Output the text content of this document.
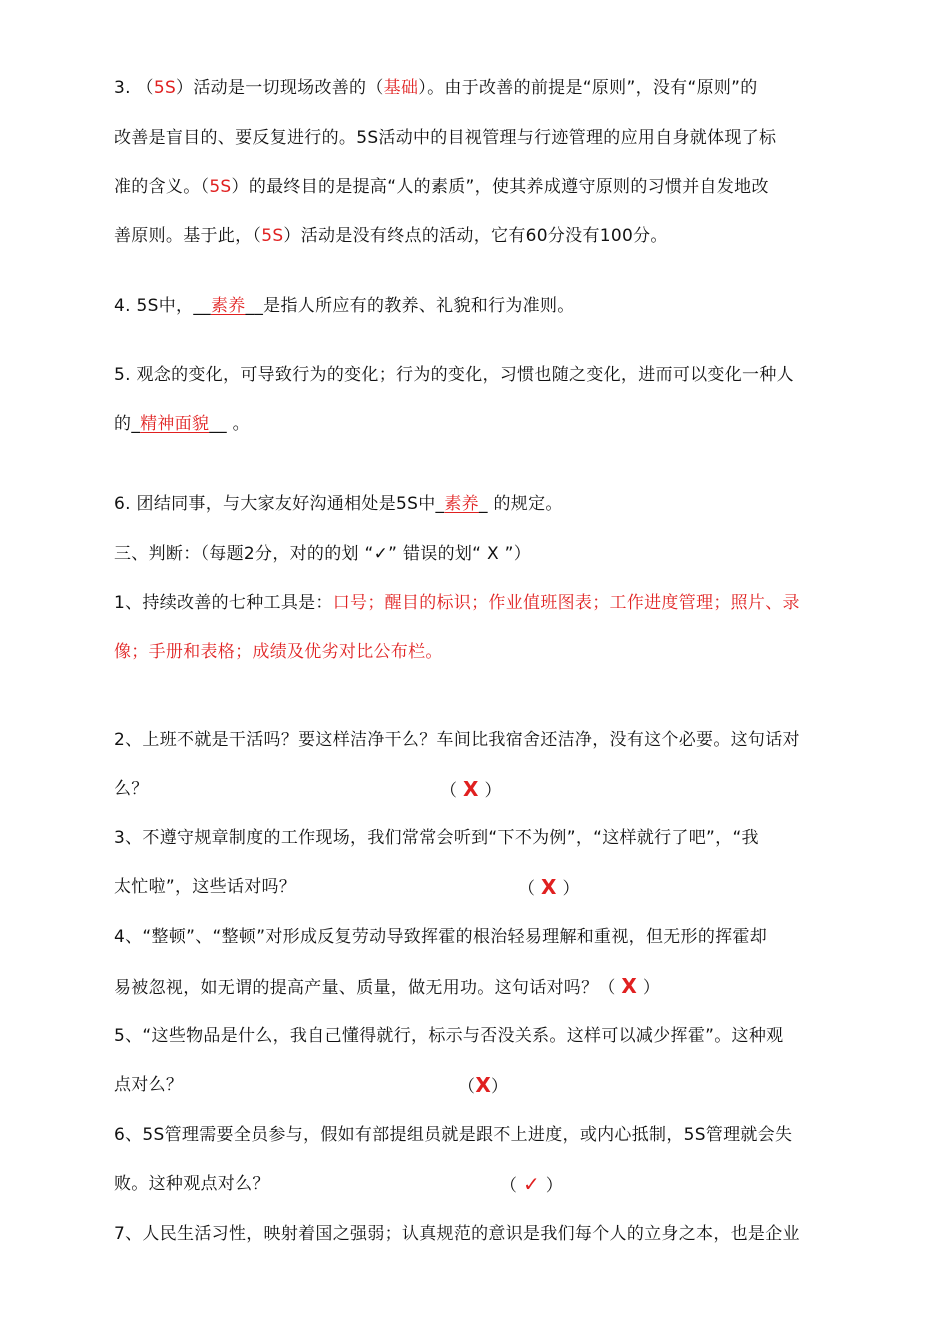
3. （5S）活动是一切现场改善的（基础）。由于改善的前提是“原则”，没有“原则”的
改善是盲目的、要反复进行的。5S活动中的目视管理与行迹管理的应用自身就体现了标
准的含义。（5S）的最终目的是提高“人的素质”，使其养成遵守原则的习惯并自发地改
善原则。基于此，（5S）活动是没有终点的活动，它有60分没有100分。
4. 5S中，__素养__是指人所应有的教养、礼貌和行为准则。
5. 观念的变化，可导致行为的变化；行为的变化，习惯也随之变化，进而可以变化一种人
的_精神面貌__ 。
6. 团结同事，与大家友好沟通相处是5S中_素养_ 的规定。
三、判断：（每题2分，对的的划 “✓” 错误的划“ X ”）
1、持续改善的七种工具是：口号；醒目的标识；作业值班图表；工作进度管理；照片、录
像；手册和表格；成绩及优劣对比公布栏。
2、上班不就是干活吗？要这样洁净干么？车间比我宿舍还洁净，没有这个必要。这句话对
么？	（ X ）
3、不遵守规章制度的工作现场，我们常常会听到“下不为例”，“这样就行了吧”，“我
太忙啦”，这些话对吗？	（ X ）
4、“整顿”、“整顿”对形成反复劳动导致挥霍的根治轻易理解和重视，但无形的挥霍却
易被忽视，如无谓的提高产量、质量，做无用功。这句话对吗？（ X ）
5、“这些物品是什么，我自己懂得就行，标示与否没关系。这样可以减少挥霍”。这种观
点对么？	（X）
6、5S管理需要全员参与，假如有部提组员就是跟不上进度，或内心抵制，5S管理就会失
败。这种观点对么？	（ ✓ ）
7、人民生活习性，映射着国之强弱；认真规范的意识是我们每个人的立身之本，也是企业
